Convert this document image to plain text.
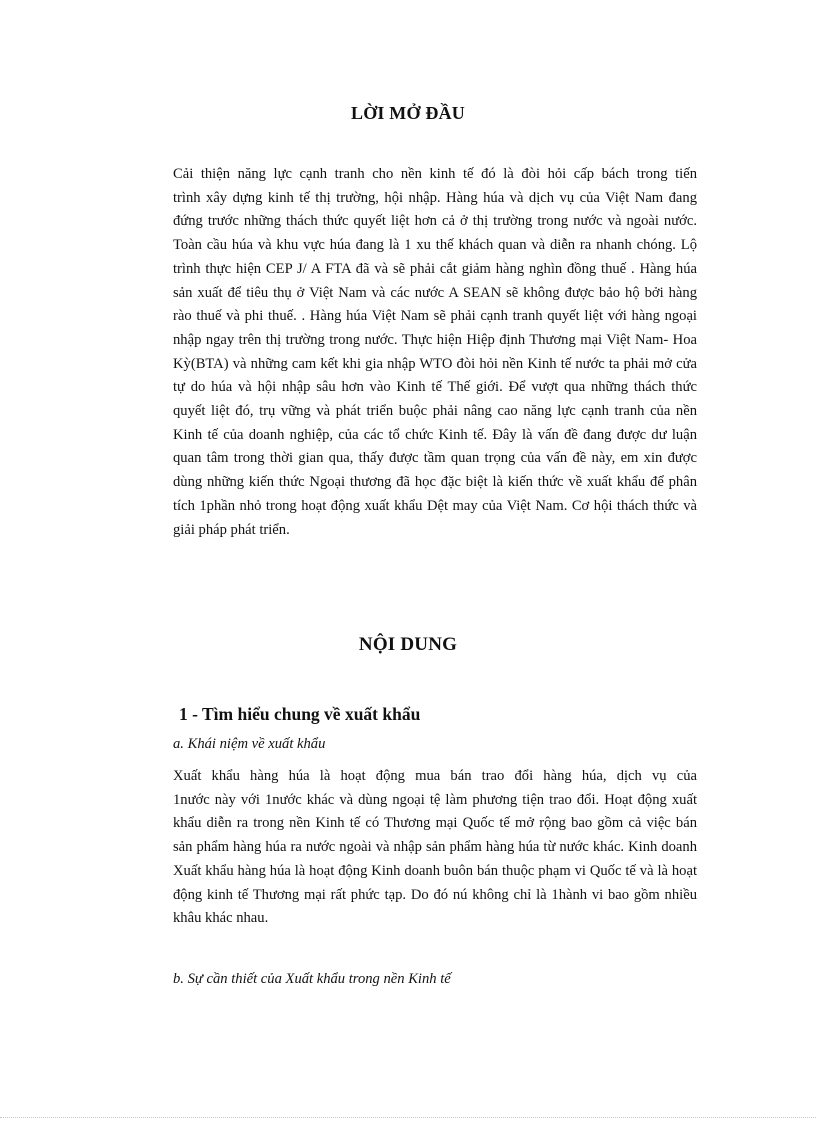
LỜI MỞ ĐẦU
Cải thiện năng lực cạnh tranh cho nền kinh tế đó là đòi hỏi cấp bách trong tiến
trình xây dựng kinh tế thị trường, hội nhập. Hàng húa và dịch vụ của Việt Nam đang
đứng trước những thách thức quyết liệt hơn cả ở thị trường trong nước và ngoài nước.
Toàn cầu húa và khu vực húa đang là 1 xu thế khách quan và diễn ra nhanh chóng. Lộ
trình thực hiện CEP J/ A FTA đã và sẽ phải cắt giảm hàng nghìn đồng thuế . Hàng húa
sản xuất để tiêu thụ ở Việt Nam và các nước A SEAN sẽ không được bảo hộ bởi hàng
rào thuế và phi thuế. . Hàng húa Việt Nam sẽ phải cạnh tranh quyết liệt với hàng ngoại
nhập ngay trên thị trường trong nước. Thực hiện Hiệp định Thương mại Việt Nam- Hoa
Kỳ(BTA) và những cam kết khi gia nhập WTO đòi hỏi nền Kinh tế nước ta phải mở cửa
tự do húa và hội nhập sâu hơn vào Kinh tế Thế giới. Để vượt qua những thách thức
quyết liệt đó, trụ vững và phát triển buộc phải nâng cao năng lực cạnh tranh của nền
Kinh tế của doanh nghiệp, của các tổ chức Kinh tế. Đây là vấn đề đang được dư luận
quan tâm trong thời gian qua, thấy được tầm quan trọng của vấn đề này, em xin được
dùng những kiến thức Ngoại thương đã học đặc biệt là kiến thức về xuất khẩu để phân
tích 1phần nhỏ trong hoạt động xuất khẩu Dệt may của Việt Nam. Cơ hội thách thức và
giải pháp phát triển.
NỘI DUNG
1 - Tìm hiểu chung về xuất khẩu
a. Khái niệm về xuất khẩu
Xuất khẩu hàng húa là hoạt động mua bán trao đổi hàng húa, dịch vụ của
1nước này với 1nước khác và dùng ngoại tệ làm phương tiện trao đổi. Hoạt động xuất
khẩu diễn ra trong nền Kinh tế có Thương mại Quốc tế mở rộng bao gồm cả việc bán
sản phẩm hàng húa ra nước ngoài và nhập sản phẩm hàng húa từ nước khác. Kinh doanh
Xuất khẩu hàng húa là hoạt động Kinh doanh buôn bán thuộc phạm vi Quốc tế và là hoạt
động kinh tế Thương mại rất phức tạp. Do đó nú không chỉ là 1hành vi bao gồm nhiều
khâu khác nhau.
b. Sự cần thiết của Xuất khẩu trong nền Kinh tế
